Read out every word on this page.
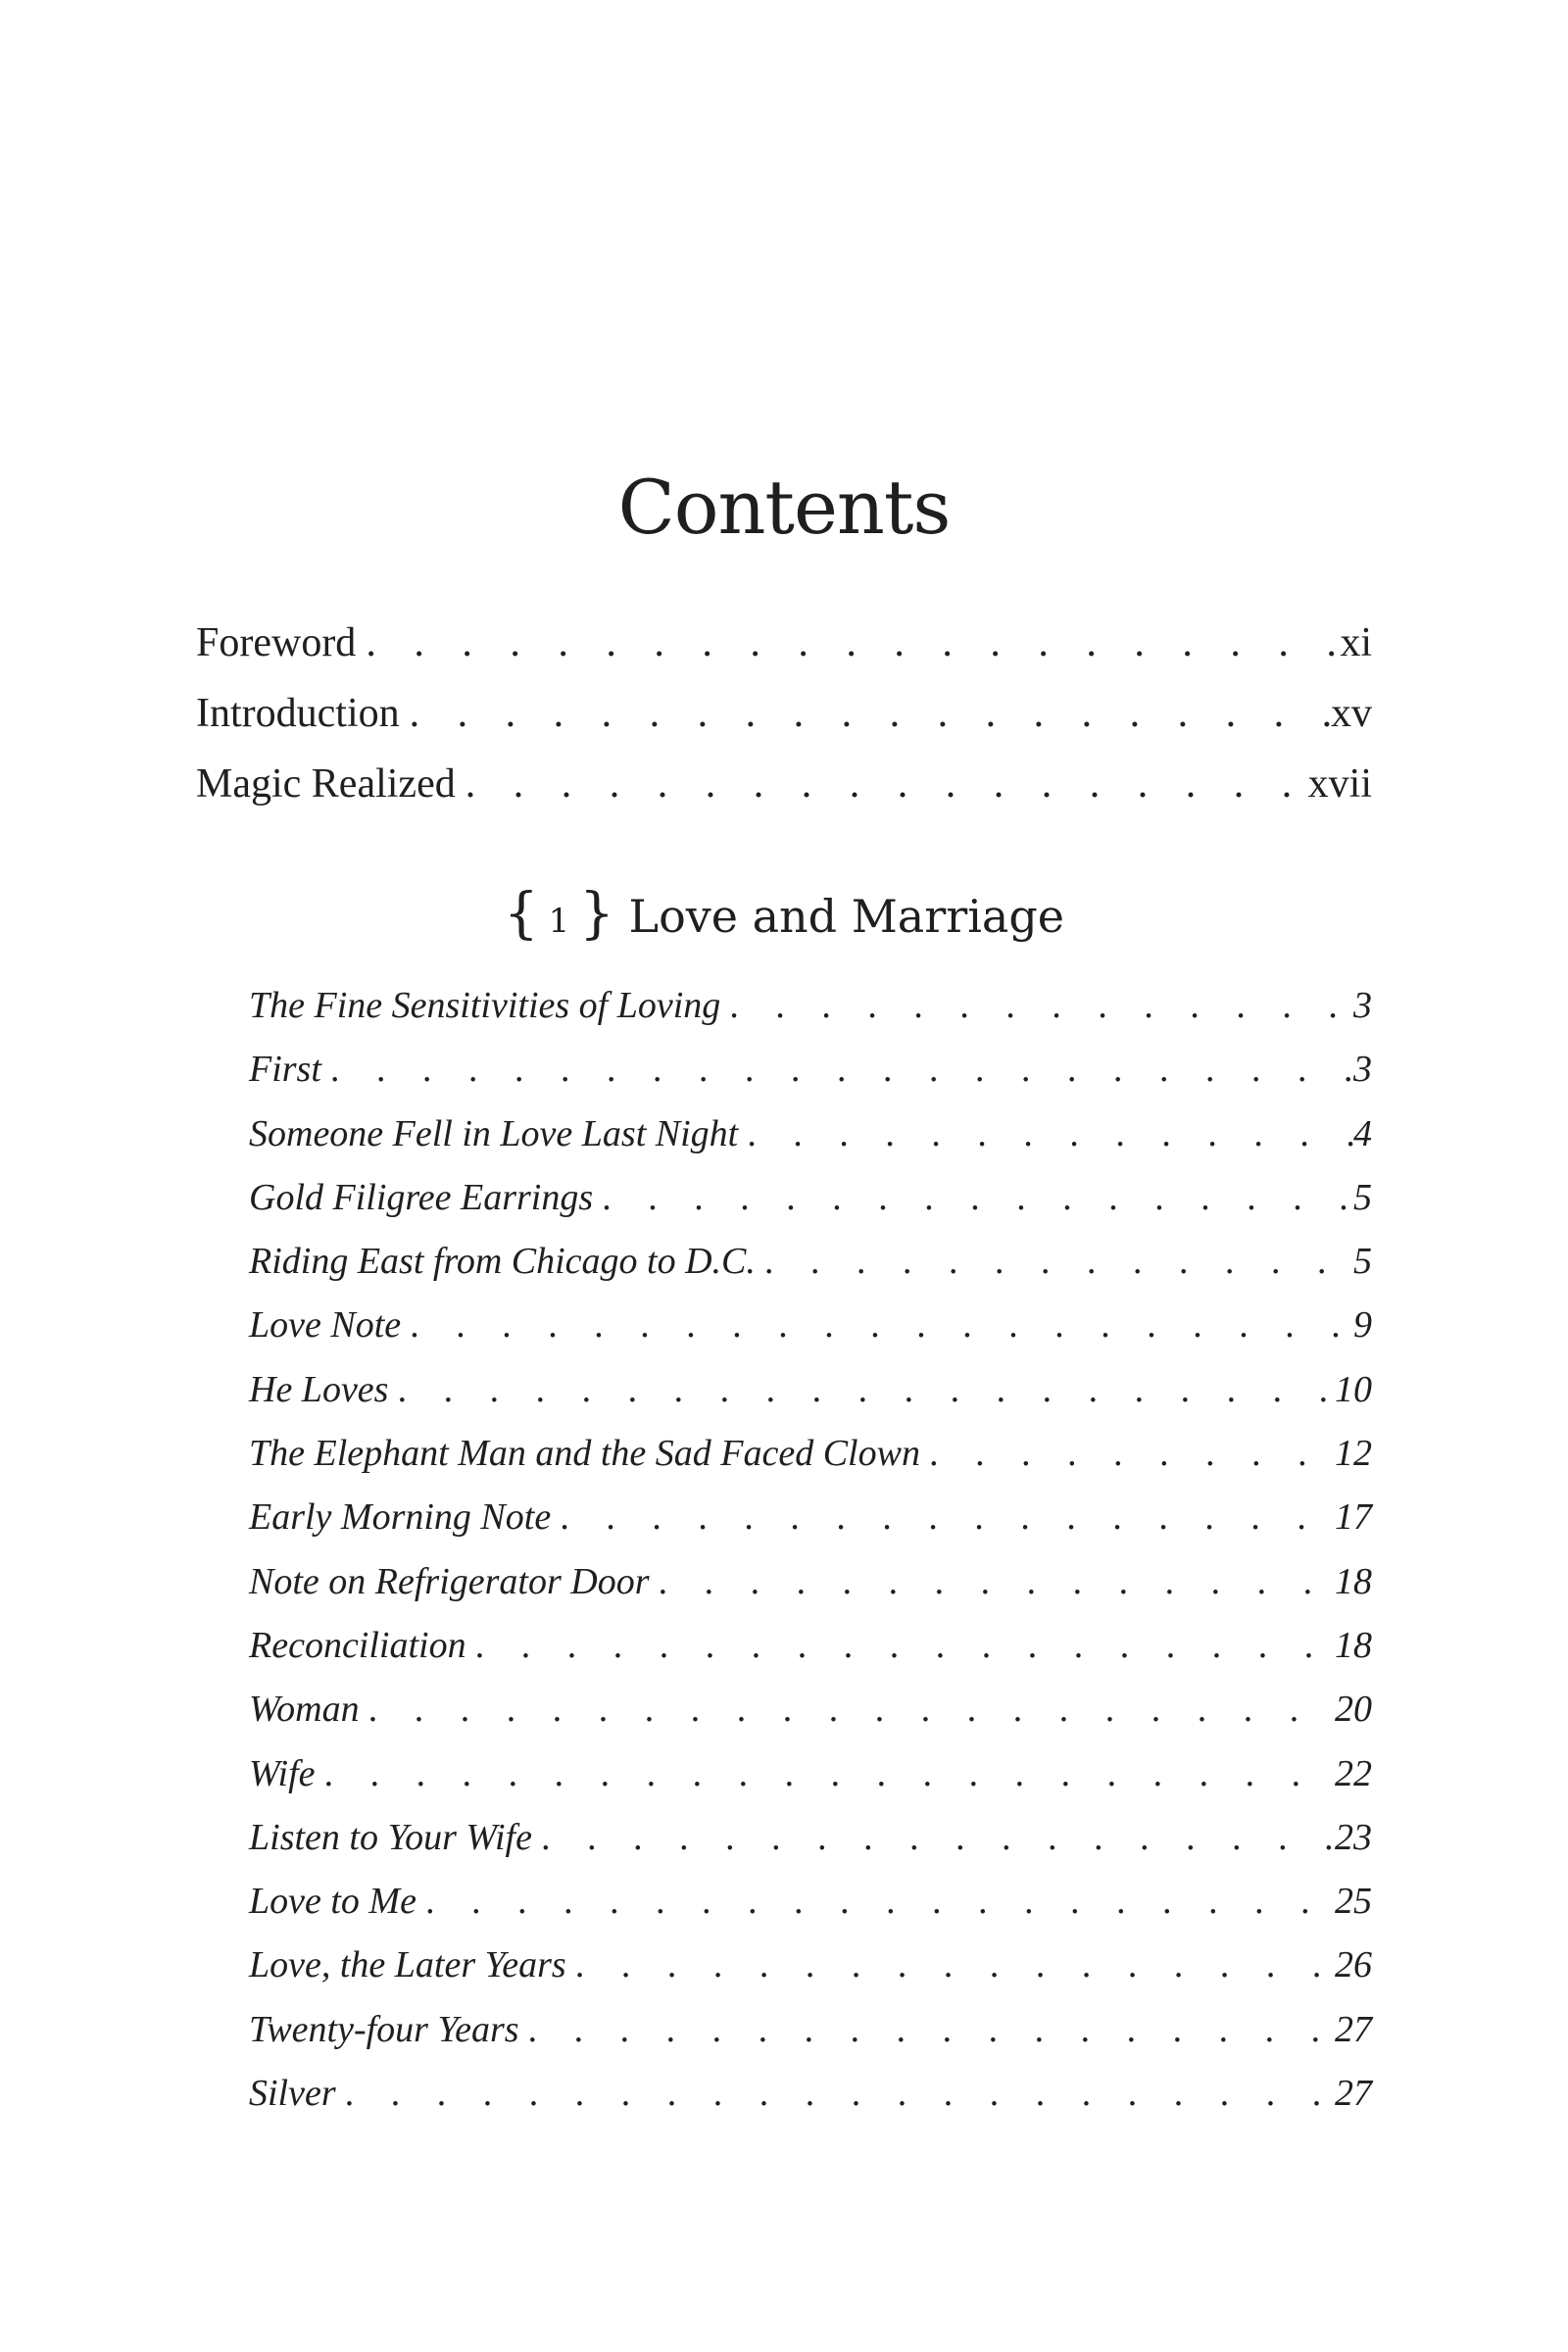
Contents
Foreword . . .	xi
Introduction . . .	xv
Magic Realized . . .	xvii
{ 1 } Love and Marriage
The Fine Sensitivities of Loving . . .	3
First . . .	3
Someone Fell in Love Last Night . . .	4
Gold Filigree Earrings . . .	5
Riding East from Chicago to D.C. . . .	5
Love Note . . .	9
He Loves . . .	10
The Elephant Man and the Sad Faced Clown . . .	12
Early Morning Note . . .	17
Note on Refrigerator Door . . .	18
Reconciliation . . .	18
Woman . . .	20
Wife . . .	22
Listen to Your Wife . . .	23
Love to Me . . .	25
Love, the Later Years . . .	26
Twenty-four Years . . .	27
Silver . . .	27
